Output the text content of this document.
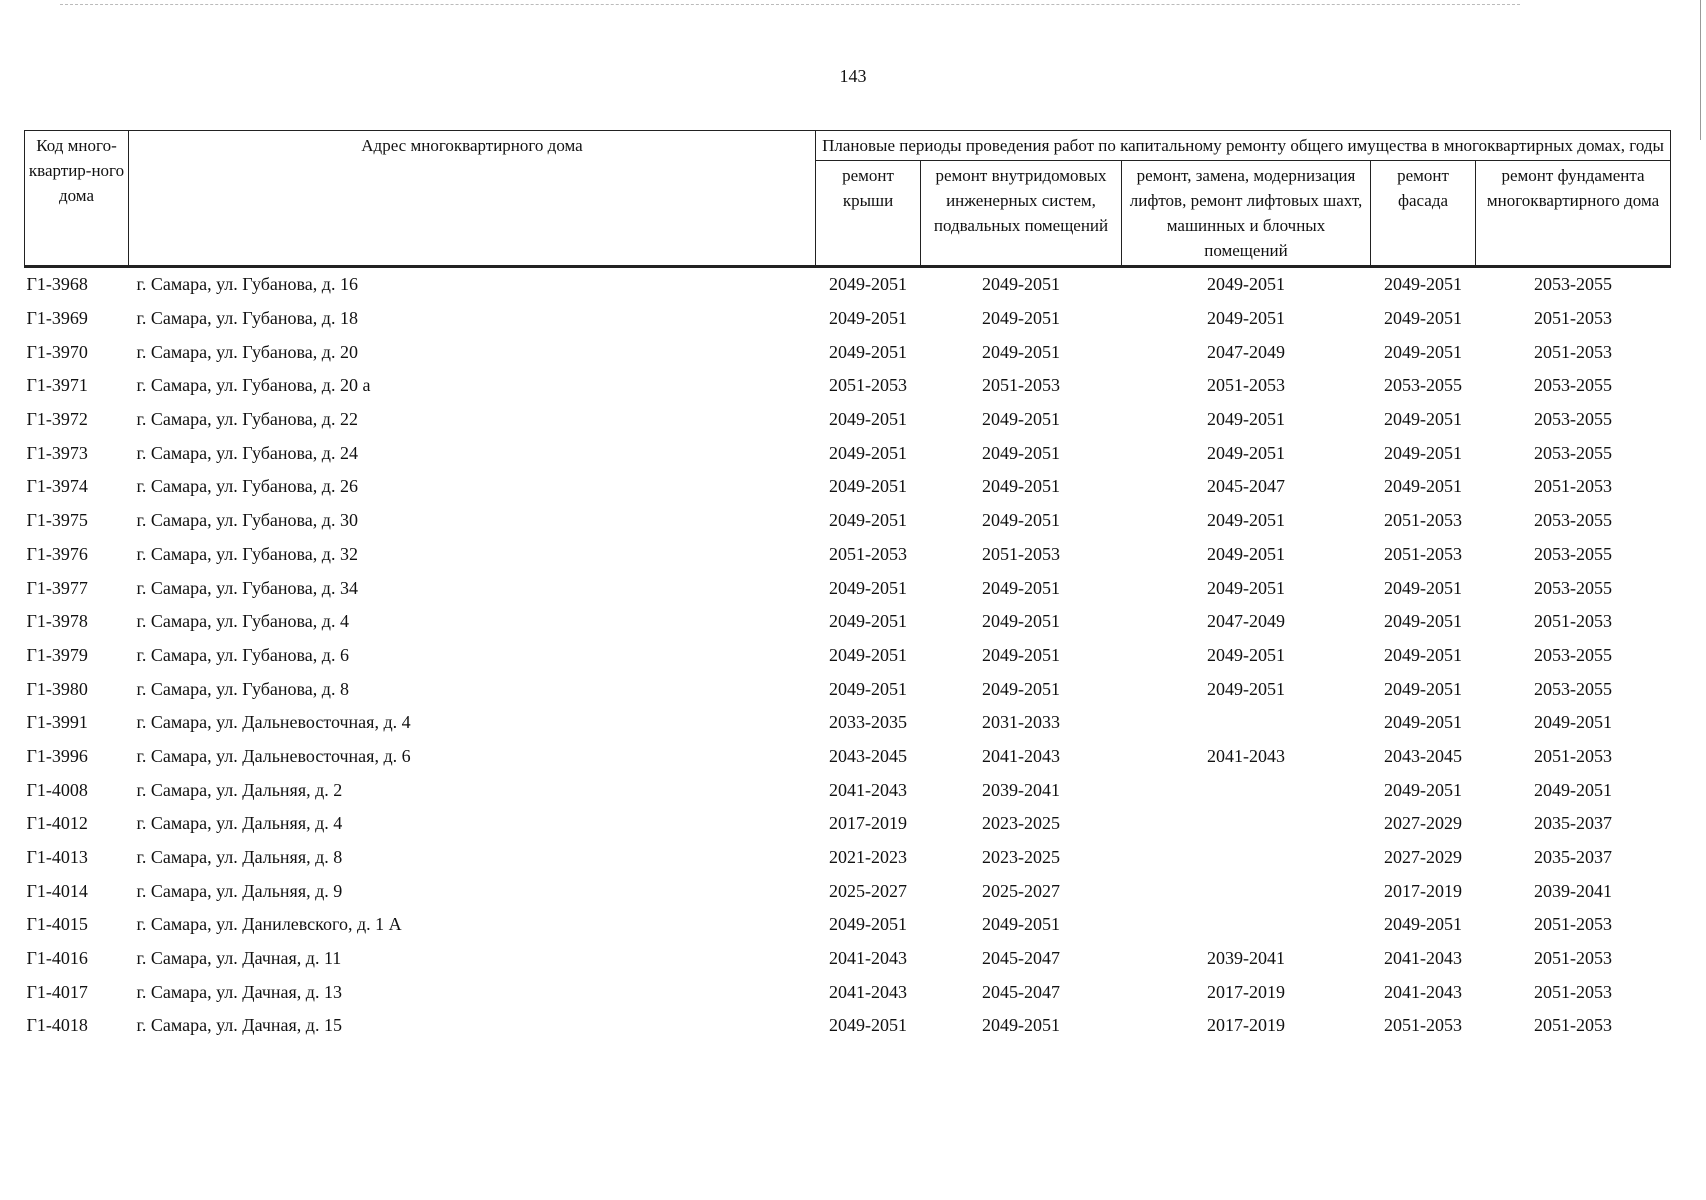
143
Код много-квартир-ного дома	Адрес многоквартирного дома	Плановые периоды проведения работ по капитальному ремонту общего имущества в многоквартирных домах, годы				
		ремонт крыши	ремонт внутридомовых инженерных систем, подвальных помещений	ремонт, замена, модернизация лифтов, ремонт лифтовых шахт, машинных и блочных помещений	ремонт фасада	ремонт фундамента многоквартирного дома
Г1-3968	г. Самара, ул. Губанова, д. 16	2049-2051	2049-2051	2049-2051	2049-2051	2053-2055
Г1-3969	г. Самара, ул. Губанова, д. 18	2049-2051	2049-2051	2049-2051	2049-2051	2051-2053
Г1-3970	г. Самара, ул. Губанова, д. 20	2049-2051	2049-2051	2047-2049	2049-2051	2051-2053
Г1-3971	г. Самара, ул. Губанова, д. 20 а	2051-2053	2051-2053	2051-2053	2053-2055	2053-2055
Г1-3972	г. Самара, ул. Губанова, д. 22	2049-2051	2049-2051	2049-2051	2049-2051	2053-2055
Г1-3973	г. Самара, ул. Губанова, д. 24	2049-2051	2049-2051	2049-2051	2049-2051	2053-2055
Г1-3974	г. Самара, ул. Губанова, д. 26	2049-2051	2049-2051	2045-2047	2049-2051	2051-2053
Г1-3975	г. Самара, ул. Губанова, д. 30	2049-2051	2049-2051	2049-2051	2051-2053	2053-2055
Г1-3976	г. Самара, ул. Губанова, д. 32	2051-2053	2051-2053	2049-2051	2051-2053	2053-2055
Г1-3977	г. Самара, ул. Губанова, д. 34	2049-2051	2049-2051	2049-2051	2049-2051	2053-2055
Г1-3978	г. Самара, ул. Губанова, д. 4	2049-2051	2049-2051	2047-2049	2049-2051	2051-2053
Г1-3979	г. Самара, ул. Губанова, д. 6	2049-2051	2049-2051	2049-2051	2049-2051	2053-2055
Г1-3980	г. Самара, ул. Губанова, д. 8	2049-2051	2049-2051	2049-2051	2049-2051	2053-2055
Г1-3991	г. Самара, ул. Дальневосточная, д. 4	2033-2035	2031-2033		2049-2051	2049-2051
Г1-3996	г. Самара, ул. Дальневосточная, д. 6	2043-2045	2041-2043	2041-2043	2043-2045	2051-2053
Г1-4008	г. Самара, ул. Дальняя, д. 2	2041-2043	2039-2041		2049-2051	2049-2051
Г1-4012	г. Самара, ул. Дальняя, д. 4	2017-2019	2023-2025		2027-2029	2035-2037
Г1-4013	г. Самара, ул. Дальняя, д. 8	2021-2023	2023-2025		2027-2029	2035-2037
Г1-4014	г. Самара, ул. Дальняя, д. 9	2025-2027	2025-2027		2017-2019	2039-2041
Г1-4015	г. Самара, ул. Данилевского, д. 1 А	2049-2051	2049-2051		2049-2051	2051-2053
Г1-4016	г. Самара, ул. Дачная, д. 11	2041-2043	2045-2047	2039-2041	2041-2043	2051-2053
Г1-4017	г. Самара, ул. Дачная, д. 13	2041-2043	2045-2047	2017-2019	2041-2043	2051-2053
Г1-4018	г. Самара, ул. Дачная, д. 15	2049-2051	2049-2051	2017-2019	2051-2053	2051-2053
